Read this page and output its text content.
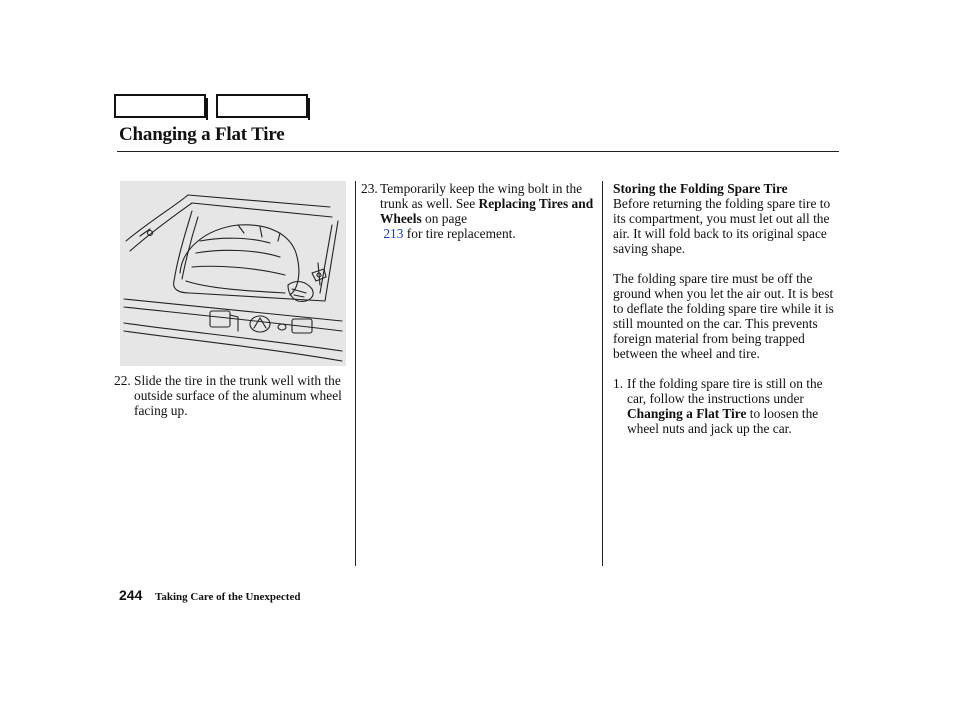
Changing a Flat Tire
22. Slide the tire in the trunk well with the outside surface of the aluminum wheel facing up.
23. Temporarily keep the wing bolt in the trunk as well. See Replacing Tires and Wheels on page
213 for tire replacement.
Storing the Folding Spare Tire
Before returning the folding spare tire to its compartment, you must let out all the air. It will fold back to its original space saving shape.
The folding spare tire must be off the ground when you let the air out. It is best to deflate the folding spare tire while it is still mounted on the car. This prevents foreign material from being trapped between the wheel and tire.
1. If the folding spare tire is still on the car, follow the instructions under Changing a Flat Tire to loosen the wheel nuts and jack up the car.
244 Taking Care of the Unexpected
